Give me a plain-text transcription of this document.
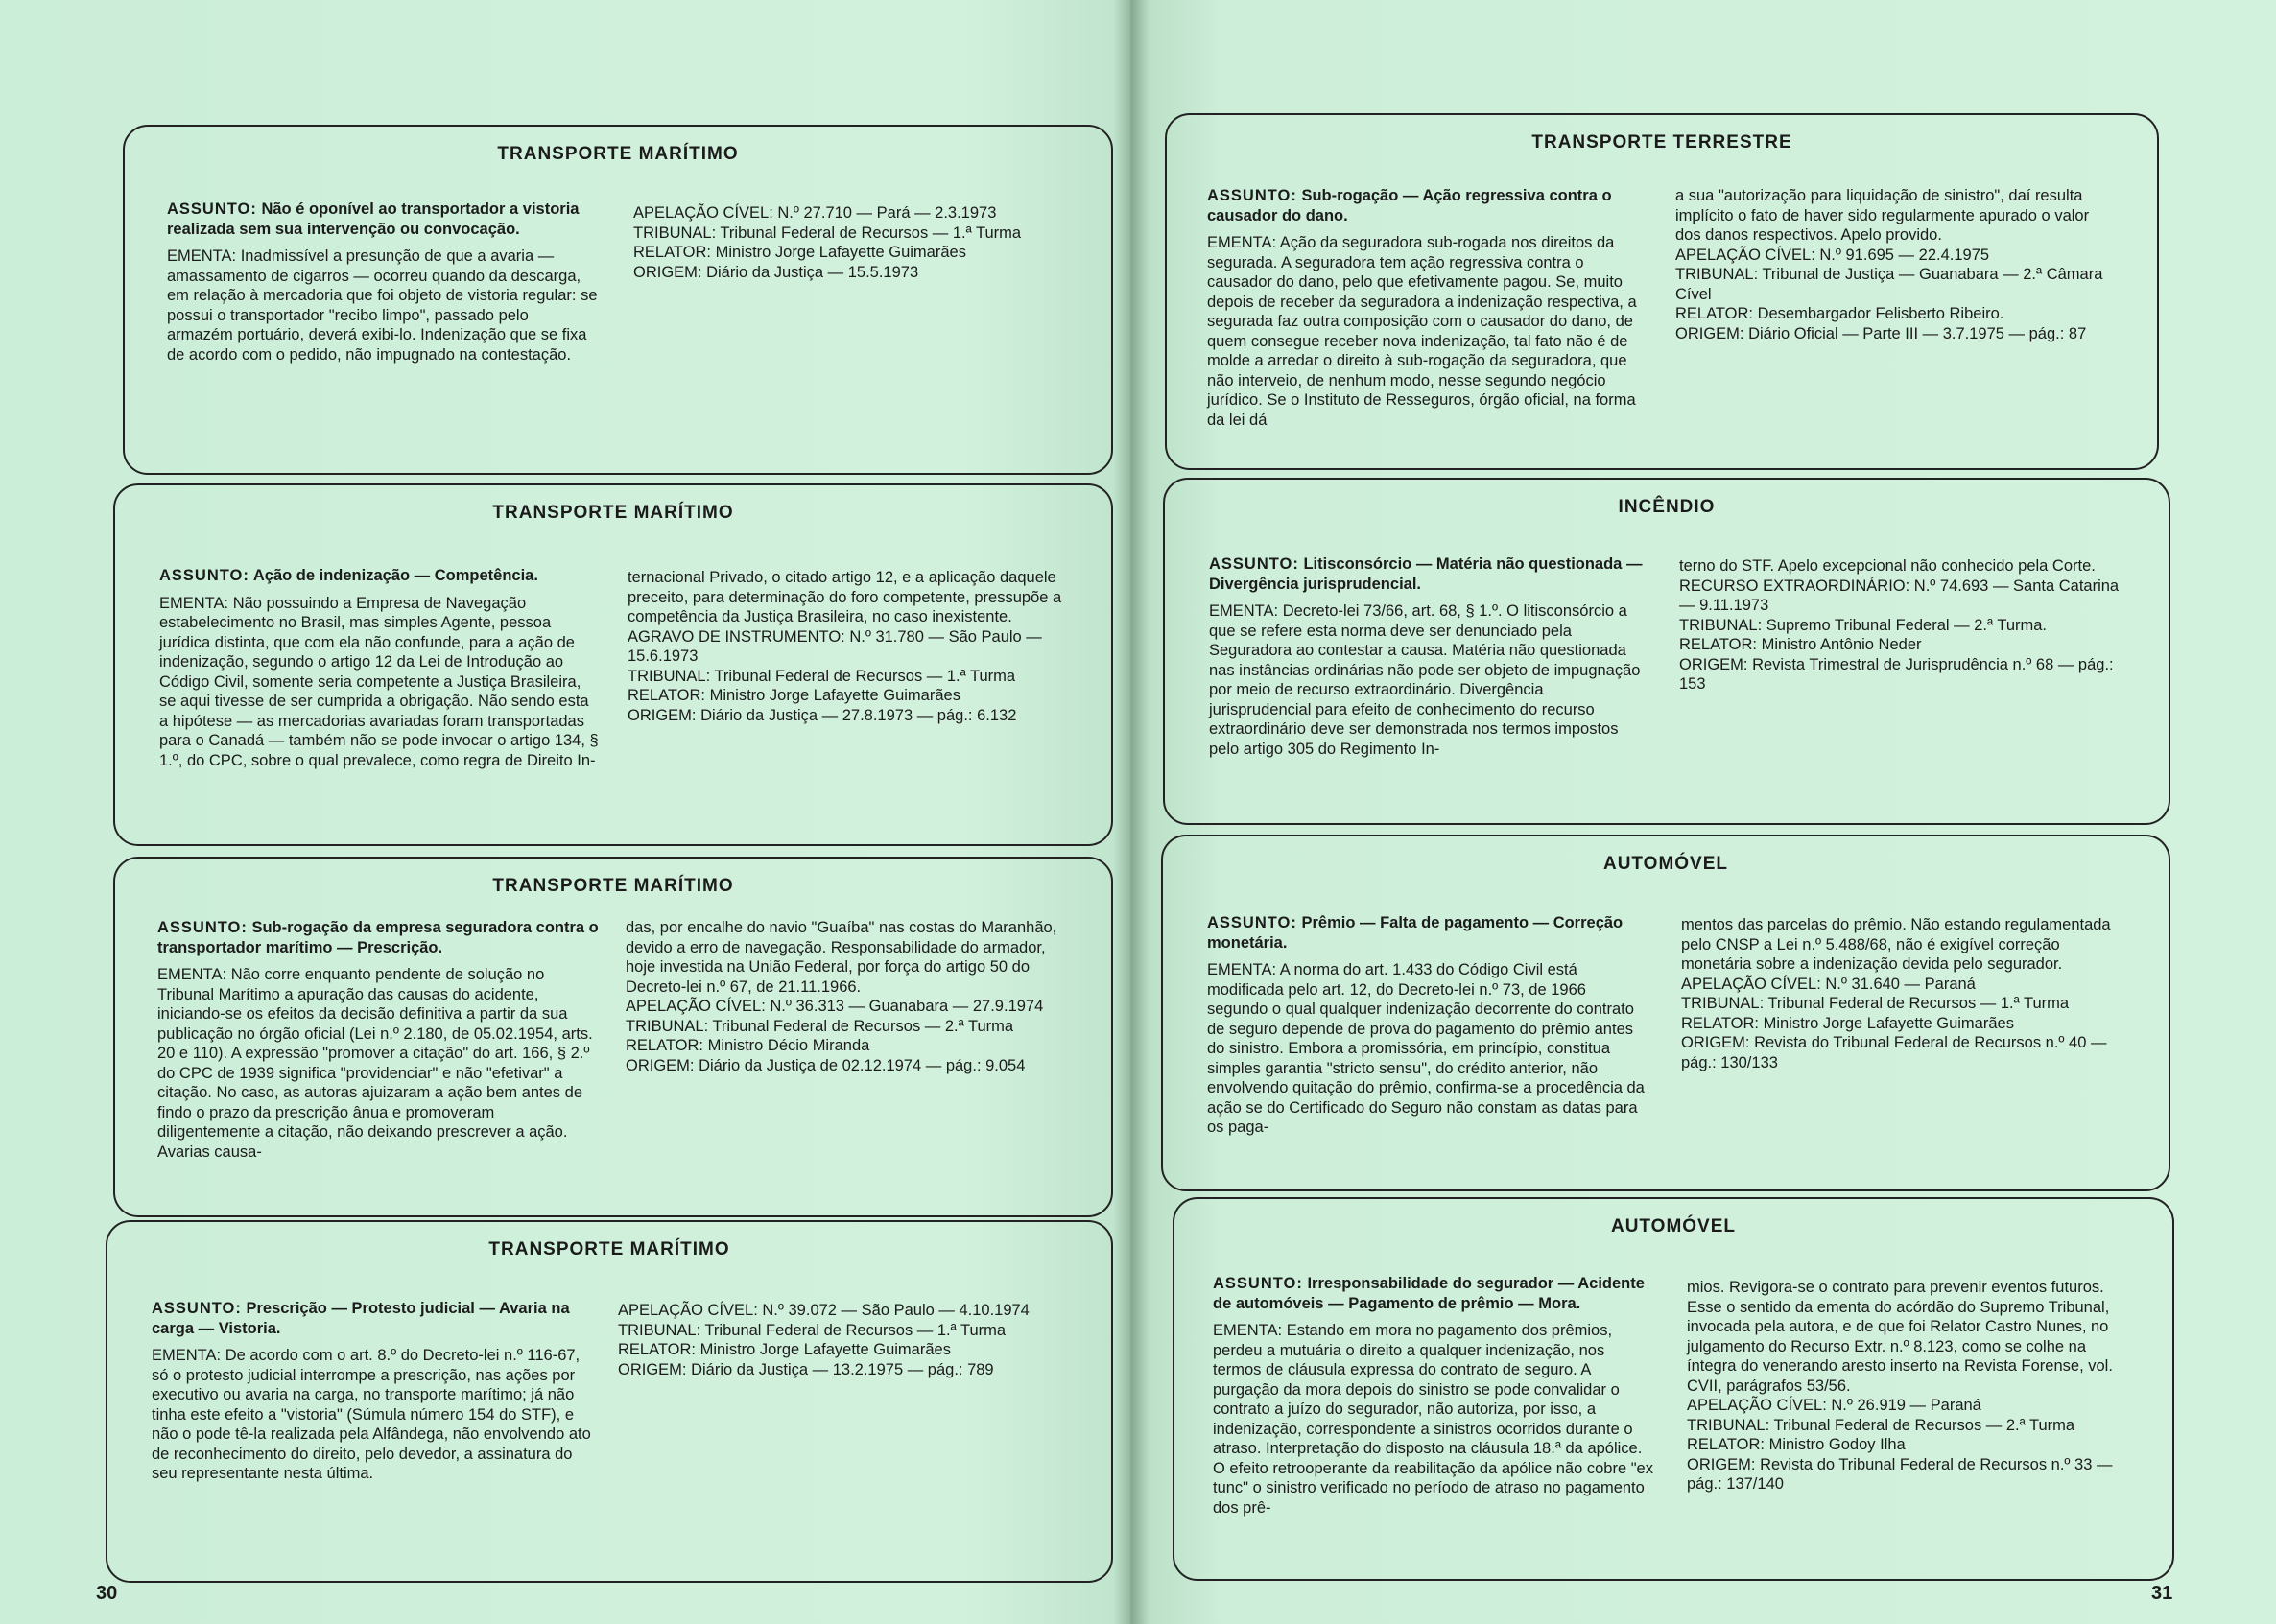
TRANSPORTE MARÍTIMO
ASSUNTO: Não é oponível ao transportador a vistoria realizada sem sua intervenção ou convocação.

EMENTA: Inadmissível a presunção de que a avaria — amassamento de cigarros — ocorreu quando da descarga, em relação à mercadoria que foi objeto de vistoria regular: se possui o transportador "recibo limpo", passado pelo armazém portuário, deverá exibi-lo. Indenização que se fixa de acordo com o pedido, não impugnado na contestação.

APELAÇÃO CÍVEL: N.º 27.710 — Pará — 2.3.1973

TRIBUNAL: Tribunal Federal de Recursos — 1.ª Turma

RELATOR: Ministro Jorge Lafayette Guimarães

ORIGEM: Diário da Justiça — 15.5.1973

TRANSPORTE MARÍTIMO
ASSUNTO: Ação de indenização — Competência.

EMENTA: Não possuindo a Empresa de Navegação estabelecimento no Brasil, mas simples Agente, pessoa jurídica distinta, que com ela não confunde, para a ação de indenização, segundo o artigo 12 da Lei de Introdução ao Código Civil, somente seria competente a Justiça Brasileira, se aqui tivesse de ser cumprida a obrigação. Não sendo esta a hipótese — as mercadorias avariadas foram transportadas para o Canadá — também não se pode invocar o artigo 134, § 1.º, do CPC, sobre o qual prevalece, como regra de Direito In-

ternacional Privado, o citado artigo 12, e a aplicação daquele preceito, para determinação do foro competente, pressupõe a competência da Justiça Brasileira, no caso inexistente.

AGRAVO DE INSTRUMENTO: N.º 31.780 — São Paulo — 15.6.1973

TRIBUNAL: Tribunal Federal de Recursos — 1.ª Turma

RELATOR: Ministro Jorge Lafayette Guimarães

ORIGEM: Diário da Justiça — 27.8.1973 — pág.: 6.132

TRANSPORTE MARÍTIMO
ASSUNTO: Sub-rogação da empresa seguradora contra o transportador marítimo — Prescrição.

EMENTA: Não corre enquanto pendente de solução no Tribunal Marítimo a apuração das causas do acidente, iniciando-se os efeitos da decisão definitiva a partir da sua publicação no órgão oficial (Lei n.º 2.180, de 05.02.1954, arts. 20 e 110). A expressão "promover a citação" do art. 166, § 2.º do CPC de 1939 significa "providenciar" e não "efetivar" a citação. No caso, as autoras ajuizaram a ação bem antes de findo o prazo da prescrição ânua e promoveram diligentemente a citação, não deixando prescrever a ação. Avarias causa-

das, por encalhe do navio "Guaíba" nas costas do Maranhão, devido a erro de navegação. Responsabilidade do armador, hoje investida na União Federal, por força do artigo 50 do Decreto-lei n.º 67, de 21.11.1966.

APELAÇÃO CÍVEL: N.º 36.313 — Guanabara — 27.9.1974

TRIBUNAL: Tribunal Federal de Recursos — 2.ª Turma

RELATOR: Ministro Décio Miranda

ORIGEM: Diário da Justiça de 02.12.1974 — pág.: 9.054

TRANSPORTE MARÍTIMO
ASSUNTO: Prescrição — Protesto judicial — Avaria na carga — Vistoria.

EMENTA: De acordo com o art. 8.º do Decreto-lei n.º 116-67, só o protesto judicial interrompe a prescrição, nas ações por executivo ou avaria na carga, no transporte marítimo; já não tinha este efeito a "vistoria" (Súmula número 154 do STF), e não o pode tê-la realizada pela Alfândega, não envolvendo ato de reconhecimento do direito, pelo devedor, a assinatura do seu representante nesta última.

APELAÇÃO CÍVEL: N.º 39.072 — São Paulo — 4.10.1974

TRIBUNAL: Tribunal Federal de Recursos — 1.ª Turma

RELATOR: Ministro Jorge Lafayette Guimarães

ORIGEM: Diário da Justiça — 13.2.1975 — pág.: 789

TRANSPORTE TERRESTRE
ASSUNTO: Sub-rogação — Ação regressiva contra o causador do dano.

EMENTA: Ação da seguradora sub-rogada nos direitos da segurada. A seguradora tem ação regressiva contra o causador do dano, pelo que efetivamente pagou. Se, muito depois de receber da seguradora a indenização respectiva, a segurada faz outra composição com o causador do dano, de quem consegue receber nova indenização, tal fato não é de molde a arredar o direito à sub-rogação da seguradora, que não interveio, de nenhum modo, nesse segundo negócio jurídico. Se o Instituto de Resseguros, órgão oficial, na forma da lei dá

a sua "autorização para liquidação de sinistro", daí resulta implícito o fato de haver sido regularmente apurado o valor dos danos respectivos. Apelo provido.

APELAÇÃO CÍVEL: N.º 91.695 — 22.4.1975

TRIBUNAL: Tribunal de Justiça — Guanabara — 2.ª Câmara Cível

RELATOR: Desembargador Felisberto Ribeiro.

ORIGEM: Diário Oficial — Parte III — 3.7.1975 — pág.: 87

INCÊNDIO
ASSUNTO: Litisconsórcio — Matéria não questionada — Divergência jurisprudencial.

EMENTA: Decreto-lei 73/66, art. 68, § 1.º. O litisconsórcio a que se refere esta norma deve ser denunciado pela Seguradora ao contestar a causa. Matéria não questionada nas instâncias ordinárias não pode ser objeto de impugnação por meio de recurso extraordinário. Divergência jurisprudencial para efeito de conhecimento do recurso extraordinário deve ser demonstrada nos termos impostos pelo artigo 305 do Regimento In-

terno do STF. Apelo excepcional não conhecido pela Corte.

RECURSO EXTRAORDINÁRIO: N.º 74.693 — Santa Catarina — 9.11.1973

TRIBUNAL: Supremo Tribunal Federal — 2.ª Turma.

RELATOR: Ministro Antônio Neder

ORIGEM: Revista Trimestral de Jurisprudência n.º 68 — pág.: 153

AUTOMÓVEL
ASSUNTO: Prêmio — Falta de pagamento — Correção monetária.

EMENTA: A norma do art. 1.433 do Código Civil está modificada pelo art. 12, do Decreto-lei n.º 73, de 1966 segundo o qual qualquer indenização decorrente do contrato de seguro depende de prova do pagamento do prêmio antes do sinistro. Embora a promissória, em princípio, constitua simples garantia "stricto sensu", do crédito anterior, não envolvendo quitação do prêmio, confirma-se a procedência da ação se do Certificado do Seguro não constam as datas para os paga-

mentos das parcelas do prêmio. Não estando regulamentada pelo CNSP a Lei n.º 5.488/68, não é exigível correção monetária sobre a indenização devida pelo segurador.

APELAÇÃO CÍVEL: N.º 31.640 — Paraná

TRIBUNAL: Tribunal Federal de Recursos — 1.ª Turma

RELATOR: Ministro Jorge Lafayette Guimarães

ORIGEM: Revista do Tribunal Federal de Recursos n.º 40 — pág.: 130/133

AUTOMÓVEL
ASSUNTO: Irresponsabilidade do segurador — Acidente de automóveis — Pagamento de prêmio — Mora.

EMENTA: Estando em mora no pagamento dos prêmios, perdeu a mutuária o direito a qualquer indenização, nos termos de cláusula expressa do contrato de seguro. A purgação da mora depois do sinistro se pode convalidar o contrato a juízo do segurador, não autoriza, por isso, a indenização, correspondente a sinistros ocorridos durante o atraso. Interpretação do disposto na cláusula 18.ª da apólice. O efeito retrooperante da reabilitação da apólice não cobre "ex tunc" o sinistro verificado no período de atraso no pagamento dos prê-

mios. Revigora-se o contrato para prevenir eventos futuros. Esse o sentido da ementa do acórdão do Supremo Tribunal, invocada pela autora, e de que foi Relator Castro Nunes, no julgamento do Recurso Extr. n.º 8.123, como se colhe na íntegra do venerando aresto inserto na Revista Forense, vol. CVII, parágrafos 53/56.

APELAÇÃO CÍVEL: N.º 26.919 — Paraná

TRIBUNAL: Tribunal Federal de Recursos — 2.ª Turma

RELATOR: Ministro Godoy Ilha

ORIGEM: Revista do Tribunal Federal de Recursos n.º 33 — pág.: 137/140

30	31
